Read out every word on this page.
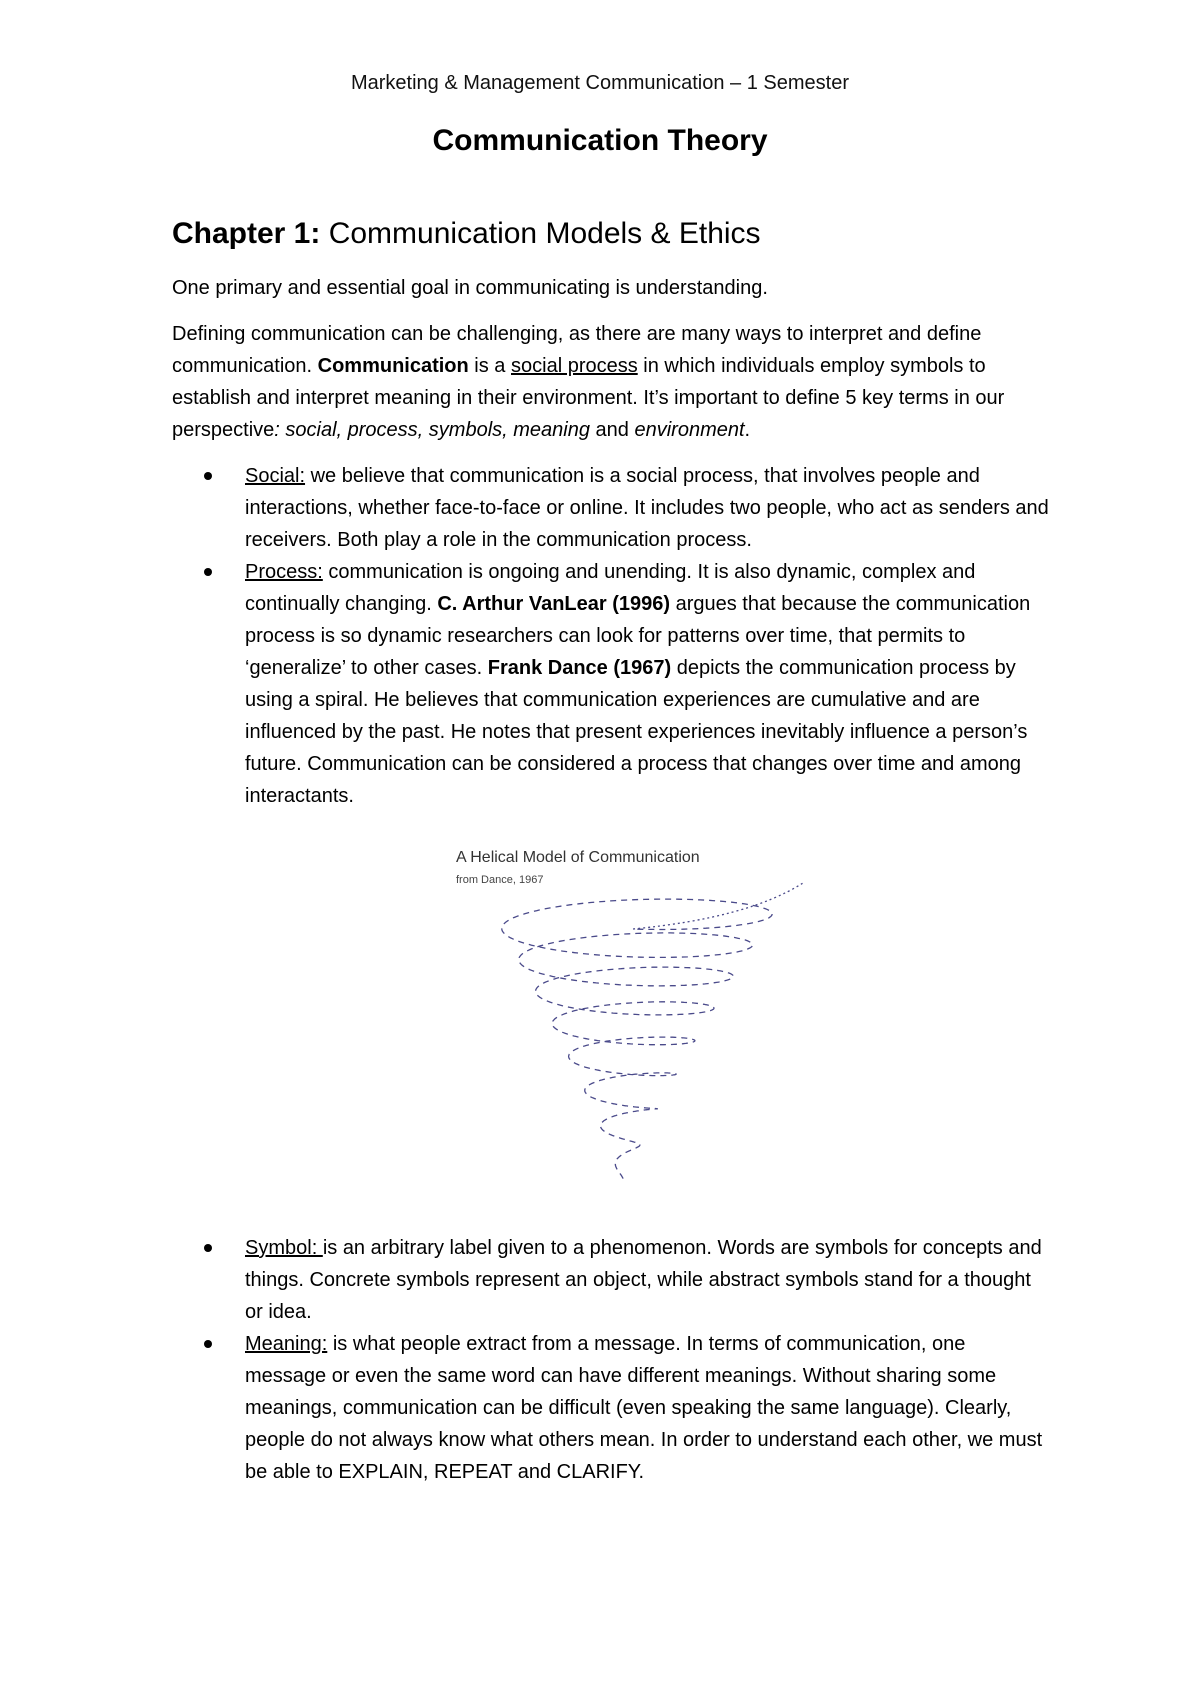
Marketing & Management Communication – 1 Semester
Communication Theory
Chapter 1: Communication Models & Ethics

One primary and essential goal in communicating is understanding.

Defining communication can be challenging, as there are many ways to interpret and define communication. Communication is a social process in which individuals employ symbols to establish and interpret meaning in their environment. It’s important to define 5 key terms in our perspective: social, process, symbols, meaning and environment.

Social: we believe that communication is a social process, that involves people and interactions, whether face-to-face or online. It includes two people, who act as senders and receivers. Both play a role in the communication process.
Process: communication is ongoing and unending. It is also dynamic, complex and continually changing. C. Arthur VanLear (1996) argues that because the communication process is so dynamic researchers can look for patterns over time, that permits to ‘generalize’ to other cases. Frank Dance (1967) depicts the communication process by using a spiral. He believes that communication experiences are cumulative and are influenced by the past. He notes that present experiences inevitably influence a person’s future. Communication can be considered a process that changes over time and among interactants.
A Helical Model of Communication
from Dance, 1967
Symbol: is an arbitrary label given to a phenomenon. Words are symbols for concepts and things. Concrete symbols represent an object, while abstract symbols stand for a thought or idea.
Meaning: is what people extract from a message. In terms of communication, one message or even the same word can have different meanings. Without sharing some meanings, communication can be difficult (even speaking the same language). Clearly, people do not always know what others mean. In order to understand each other, we must be able to EXPLAIN, REPEAT and CLARIFY.
